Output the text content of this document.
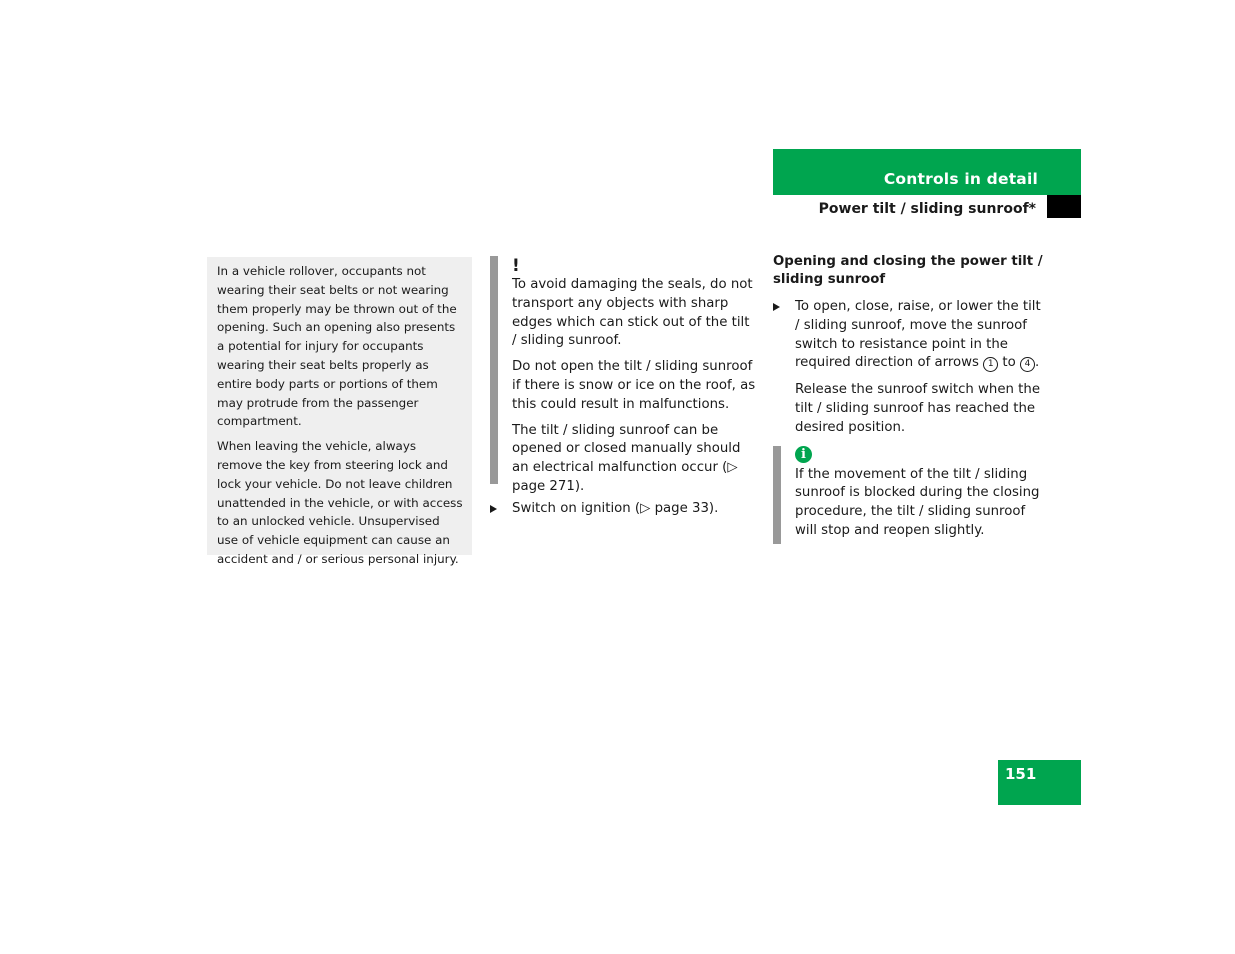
Controls in detail
Power tilt / sliding sunroof*

In a vehicle rollover, occupants not wearing their seat belts or not wearing them properly may be thrown out of the opening. Such an opening also presents a potential for injury for occupants wearing their seat belts properly as entire body parts or portions of them may protrude from the passenger compartment.

When leaving the vehicle, always remove the key from steering lock and lock your vehicle. Do not leave children unattended in the vehicle, or with access to an unlocked vehicle. Unsupervised use of vehicle equipment can cause an accident and / or serious personal injury.

!

To avoid damaging the seals, do not transport any objects with sharp edges which can stick out of the tilt / sliding sunroof.

Do not open the tilt / sliding sunroof if there is snow or ice on the roof, as this could result in malfunctions.

The tilt / sliding sunroof can be opened or closed manually should an electrical malfunction occur (▷ page 271).

Switch on ignition (▷ page 33).

Opening and closing the power tilt / sliding sunroof

To open, close, raise, or lower the tilt / sliding sunroof, move the sunroof switch to resistance point in the required direction of arrows 1 to 4 .

Release the sunroof switch when the tilt / sliding sunroof has reached the desired position.

i

If the movement of the tilt / sliding sunroof is blocked during the closing procedure, the tilt / sliding sunroof will stop and reopen slightly.

151
